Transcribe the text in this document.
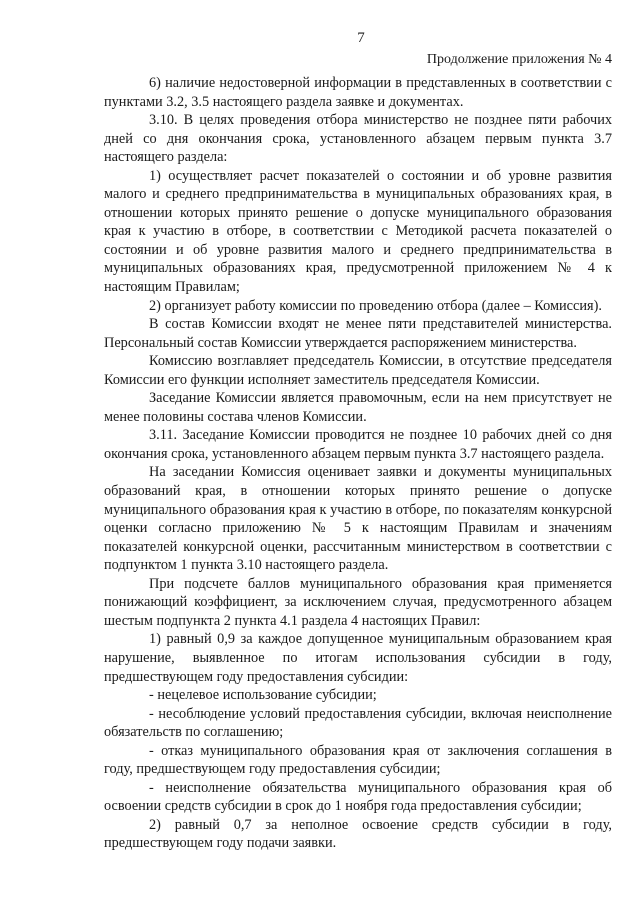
7
Продолжение приложения № 4

6) наличие недостоверной информации в представленных в соответствии с пунктами 3.2, 3.5 настоящего раздела заявке и документах.

3.10. В целях проведения отбора министерство не позднее пяти рабочих дней со дня окончания срока, установленного абзацем первым пункта 3.7 настоящего раздела:

1) осуществляет расчет показателей о состоянии и об уровне развития малого и среднего предпринимательства в муниципальных образованиях края, в отношении которых принято решение о допуске муниципального образования края к участию в отборе, в соответствии с Методикой расчета показателей о состоянии и об уровне развития малого и среднего предпринимательства в муниципальных образованиях края, предусмотренной приложением № 4 к настоящим Правилам;

2) организует работу комиссии по проведению отбора (далее – Комиссия).

В состав Комиссии входят не менее пяти представителей министерства. Персональный состав Комиссии утверждается распоряжением министерства.

Комиссию возглавляет председатель Комиссии, в отсутствие председателя Комиссии его функции исполняет заместитель председателя Комиссии.

Заседание Комиссии является правомочным, если на нем присутствует не менее половины состава членов Комиссии.

3.11. Заседание Комиссии проводится не позднее 10 рабочих дней со дня окончания срока, установленного абзацем первым пункта 3.7 настоящего раздела.

На заседании Комиссия оценивает заявки и документы муниципальных образований края, в отношении которых принято решение о допуске муниципального образования края к участию в отборе, по показателям конкурсной оценки согласно приложению № 5 к настоящим Правилам и значениям показателей конкурсной оценки, рассчитанным министерством в соответствии с подпунктом 1 пункта 3.10 настоящего раздела.

При подсчете баллов муниципального образования края применяется понижающий коэффициент, за исключением случая, предусмотренного абзацем шестым подпункта 2 пункта 4.1 раздела 4 настоящих Правил:

1) равный 0,9 за каждое допущенное муниципальным образованием края нарушение, выявленное по итогам использования субсидии в году, предшествующем году предоставления субсидии:

- нецелевое использование субсидии;

- несоблюдение условий предоставления субсидии, включая неисполнение обязательств по соглашению;

- отказ муниципального образования края от заключения соглашения в году, предшествующем году предоставления субсидии;

- неисполнение обязательства муниципального образования края об освоении средств субсидии в срок до 1 ноября года предоставления субсидии;

2) равный 0,7 за неполное освоение средств субсидии в году, предшествующем году подачи заявки.
